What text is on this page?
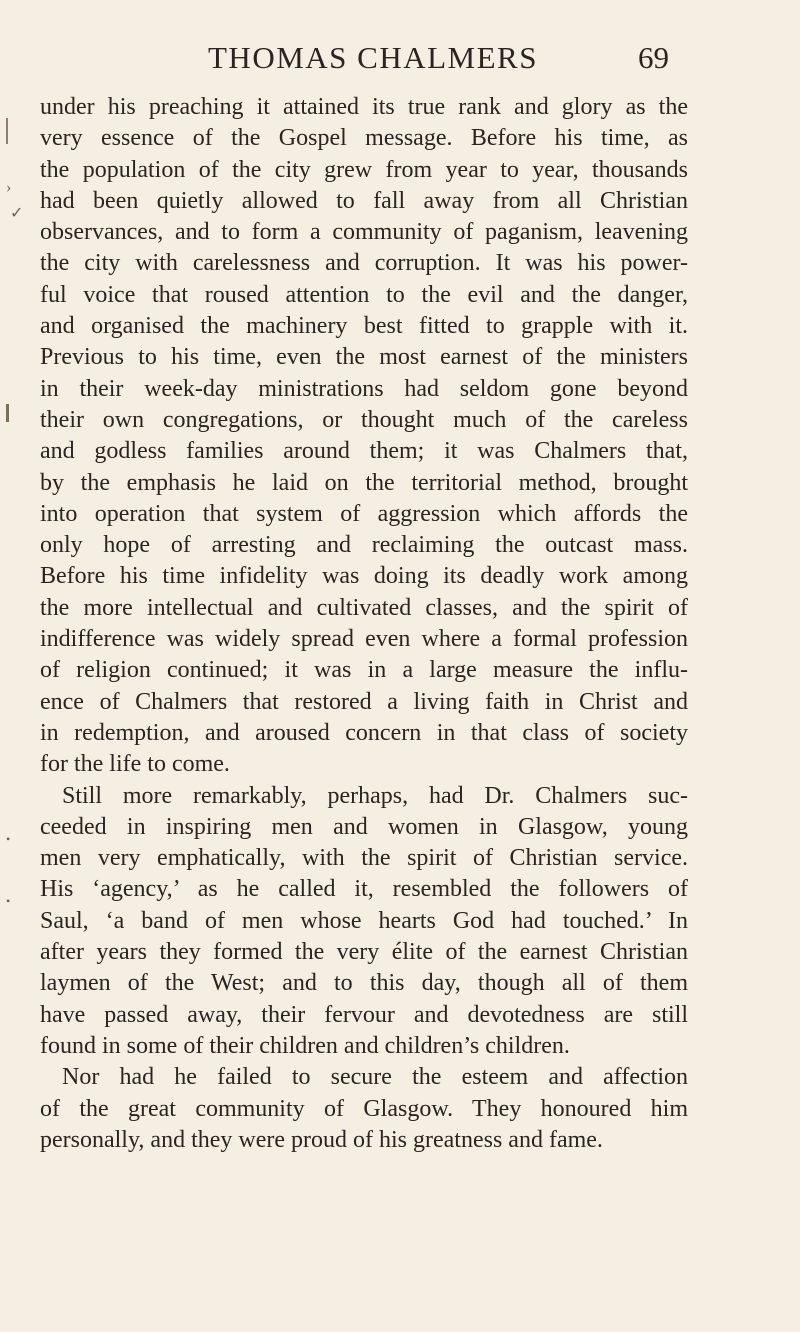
THOMAS CHALMERS	69
›
✓
•
•
under his preaching it attained its true rank and glory as the
very essence of the Gospel message. Before his time, as
the population of the city grew from year to year, thousands
had been quietly allowed to fall away from all Christian
observances, and to form a community of paganism, leavening
the city with carelessness and corruption. It was his power-
ful voice that roused attention to the evil and the danger,
and organised the machinery best fitted to grapple with it.
Previous to his time, even the most earnest of the ministers
in their week-day ministrations had seldom gone beyond
their own congregations, or thought much of the careless
and godless families around them; it was Chalmers that,
by the emphasis he laid on the territorial method, brought
into operation that system of aggression which affords the
only hope of arresting and reclaiming the outcast mass.
Before his time infidelity was doing its deadly work among
the more intellectual and cultivated classes, and the spirit of
indifference was widely spread even where a formal profession
of religion continued; it was in a large measure the influ-
ence of Chalmers that restored a living faith in Christ and
in redemption, and aroused concern in that class of society
for the life to come.
Still more remarkably, perhaps, had Dr. Chalmers suc-
ceeded in inspiring men and women in Glasgow, young
men very emphatically, with the spirit of Christian service.
His ‘agency,’ as he called it, resembled the followers of
Saul, ‘a band of men whose hearts God had touched.’ In
after years they formed the very élite of the earnest Christian
laymen of the West; and to this day, though all of them
have passed away, their fervour and devotedness are still
found in some of their children and children’s children.
Nor had he failed to secure the esteem and affection
of the great community of Glasgow. They honoured him
personally, and they were proud of his greatness and fame.
